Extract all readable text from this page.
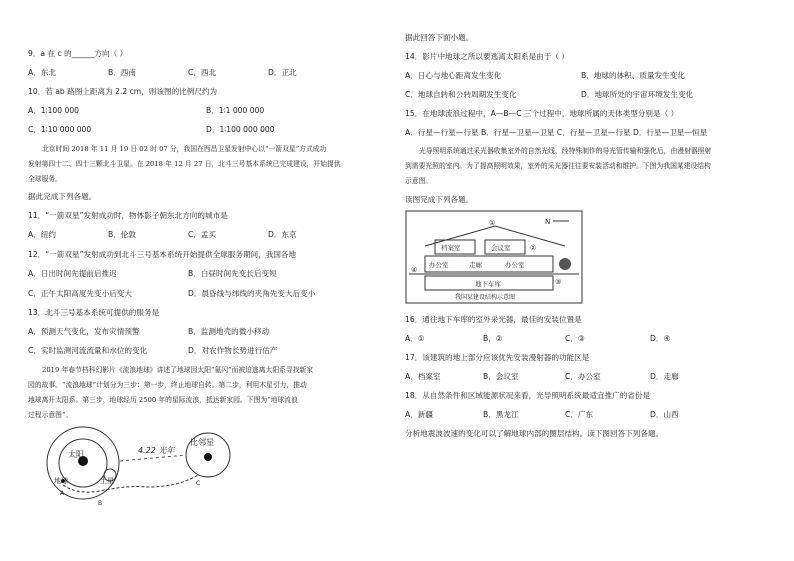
9．a 在 c 的______方向（ ）
A．东北	B．西南	C．西北	D．正北
10．若 ab 路图上距离为 2.2 cm，则该图的比例尺约为
A．1∶100 000	B．1∶1 000 000
C．1∶10 000 000	D．1∶100 000 000
北京时间 2018 年 11 月 19 日 02 时 07 分，我国在西昌卫星发射中心以“一箭双星”方式成功
发射第四十二、四十三颗北斗卫星。在 2018 年 12 月 27 日，北斗三号基本系统已完成建设，开始提供
全球服务。
据此完成下列各题。
11．“一箭双星”发射成功时，物体影子朝东北方向的城市是
A．纽约	B．伦敦	C．孟买	D．东京
12．“一箭双星”发射成功到北斗三号基本系统开始提供全球服务期间，我国各地
A．日出时间先提前后推迟	B．白昼时间先变长后变短
C．正午太阳高度先变小后变大	D．晨昏线与纬线的夹角先变大后变小
13．北斗三号基本系统可提供的服务是
A．预测天气变化，发布灾情预警	B．监测地壳的微小移动
C．实时监测河流流量和水位的变化	D．对农作物长势进行估产
2019 年春节档科幻影片《流浪地球》讲述了地球因太阳“氦闪”而被迫逃离太阳系寻找新家
园的故事。“流浪地球”计划分为三步：第一步，终止地球自转。第二步，利用木星引力，推动
地球离开太阳系。第三步，地球经历 2500 年的星际流浪，抵达新家园。下图为“地球流浪
过程示意图”。
太阳
地球	土星
比邻星
4.22 光年
A
B
C
据此回答下面小题。
14．影片中地球之所以要逃离太阳系是由于（ ）
A．日心与地心距离发生变化	B．地球的体积、质量发生变化
C．地球自转和公转周期发生变化	D．地球所处的宇宙环境发生变化
15．在地球流浪过程中，A—B—C 三个过程中，地球所属的天体类型分别是（ ）
A．行星—行星—行星 B．行星—卫星—卫星 C．行星—卫星—行星 D．行星—卫星—恒星
光导照明系统通过采光器收集室外的自然光线，经特殊制作的导光管传输和强化后，由漫射器照射
到需要光照的室内。为了提高照明效果，室外的采光器往往要安装活动和维护。下图为我国某建设结构
示意图。
读图完成下列各题。
N
①
档案室	会议室	②
办公室	走廊	办公室
④
地下车库	③
我国某建设结构示意图
16．通往地下车库的室外采光器，最佳的安装位置是
A．①	B．②	C．③	D．④
17．该建筑的地上部分应该优先安装漫射器的功能区是
A．档案室	B．会议室	C．办公室	D．走廊
18．从自然条件和区域能源状况来看，光导照明系统最适宜推广的省份是
A．新疆	B．黑龙江	C．广东	D．山西
分析地震波波速的变化可以了解地球内部的圈层结构。读下图回答下列各题。
